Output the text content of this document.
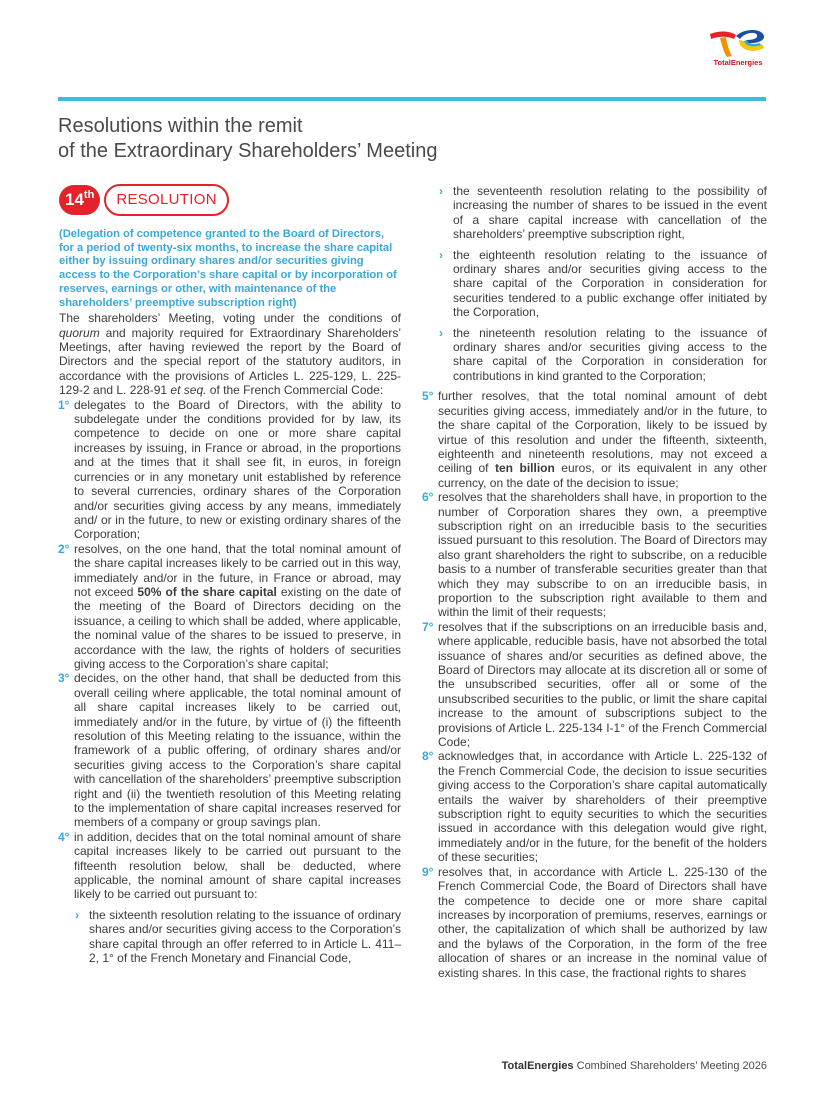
TotalEnergies
Resolutions within the remit
of the Extraordinary Shareholders’ Meeting
14th	RESOLUTION
(Delegation of competence granted to the Board of Directors, for a period of twenty-six months, to increase the share capital either by issuing ordinary shares and/or securities giving access to the Corporation’s share capital or by incorporation of reserves, earnings or other, with maintenance of the shareholders’ preemptive subscription right)

The shareholders’ Meeting, voting under the conditions of quorum and majority required for Extraordinary Shareholders’ Meetings, after having reviewed the report by the Board of Directors and the special report of the statutory auditors, in accordance with the provisions of Articles L. 225-129, L. 225-129-2 and L. 228-91 et seq. of the French Commercial Code:

1° delegates to the Board of Directors, with the ability to subdelegate under the conditions provided for by law, its competence to decide on one or more share capital increases by issuing, in France or abroad, in the proportions and at the times that it shall see fit, in euros, in foreign currencies or in any monetary unit established by reference to several currencies, ordinary shares of the Corporation and/or securities giving access by any means, immediately and/ or in the future, to new or existing ordinary shares of the Corporation;
2° resolves, on the one hand, that the total nominal amount of the share capital increases likely to be carried out in this way, immediately and/or in the future, in France or abroad, may not exceed 50% of the share capital existing on the date of the meeting of the Board of Directors deciding on the issuance, a ceiling to which shall be added, where applicable, the nominal value of the shares to be issued to preserve, in accordance with the law, the rights of holders of securities giving access to the Corporation’s share capital;
3° decides, on the other hand, that shall be deducted from this overall ceiling where applicable, the total nominal amount of all share capital increases likely to be carried out, immediately and/or in the future, by virtue of (i) the fifteenth resolution of this Meeting relating to the issuance, within the framework of a public offering, of ordinary shares and/or securities giving access to the Corporation’s share capital with cancellation of the shareholders’ preemptive subscription right and (ii) the twentieth resolution of this Meeting relating to the implementation of share capital increases reserved for members of a company or group savings plan.
4° in addition, decides that on the total nominal amount of share capital increases likely to be carried out pursuant to the fifteenth resolution below, shall be deducted, where applicable, the nominal amount of share capital increases likely to be carried out pursuant to:
› the sixteenth resolution relating to the issuance of ordinary shares and/or securities giving access to the Corporation’s share capital through an offer referred to in Article L. 411–2, 1° of the French Monetary and Financial Code,
› the seventeenth resolution relating to the possibility of increasing the number of shares to be issued in the event of a share capital increase with cancellation of the shareholders’ preemptive subscription right,
› the eighteenth resolution relating to the issuance of ordinary shares and/or securities giving access to the share capital of the Corporation in consideration for securities tendered to a public exchange offer initiated by the Corporation,
› the nineteenth resolution relating to the issuance of ordinary shares and/or securities giving access to the share capital of the Corporation in consideration for contributions in kind granted to the Corporation;
5° further resolves, that the total nominal amount of debt securities giving access, immediately and/or in the future, to the share capital of the Corporation, likely to be issued by virtue of this resolution and under the fifteenth, sixteenth, eighteenth and nineteenth resolutions, may not exceed a ceiling of ten billion euros, or its equivalent in any other currency, on the date of the decision to issue;
6° resolves that the shareholders shall have, in proportion to the number of Corporation shares they own, a preemptive subscription right on an irreducible basis to the securities issued pursuant to this resolution. The Board of Directors may also grant shareholders the right to subscribe, on a reducible basis to a number of transferable securities greater than that which they may subscribe to on an irreducible basis, in proportion to the subscription right available to them and within the limit of their requests;
7° resolves that if the subscriptions on an irreducible basis and, where applicable, reducible basis, have not absorbed the total issuance of shares and/or securities as defined above, the Board of Directors may allocate at its discretion all or some of the unsubscribed securities, offer all or some of the unsubscribed securities to the public, or limit the share capital increase to the amount of subscriptions subject to the provisions of Article L. 225-134 I-1° of the French Commercial Code;
8° acknowledges that, in accordance with Article L. 225-132 of the French Commercial Code, the decision to issue securities giving access to the Corporation’s share capital automatically entails the waiver by shareholders of their preemptive subscription right to equity securities to which the securities issued in accordance with this delegation would give right, immediately and/or in the future, for the benefit of the holders of these securities;
9° resolves that, in accordance with Article L. 225-130 of the French Commercial Code, the Board of Directors shall have the competence to decide one or more share capital increases by incorporation of premiums, reserves, earnings or other, the capitalization of which shall be authorized by law and the bylaws of the Corporation, in the form of the free allocation of shares or an increase in the nominal value of existing shares. In this case, the fractional rights to shares
TotalEnergies Combined Shareholders’ Meeting 2026
